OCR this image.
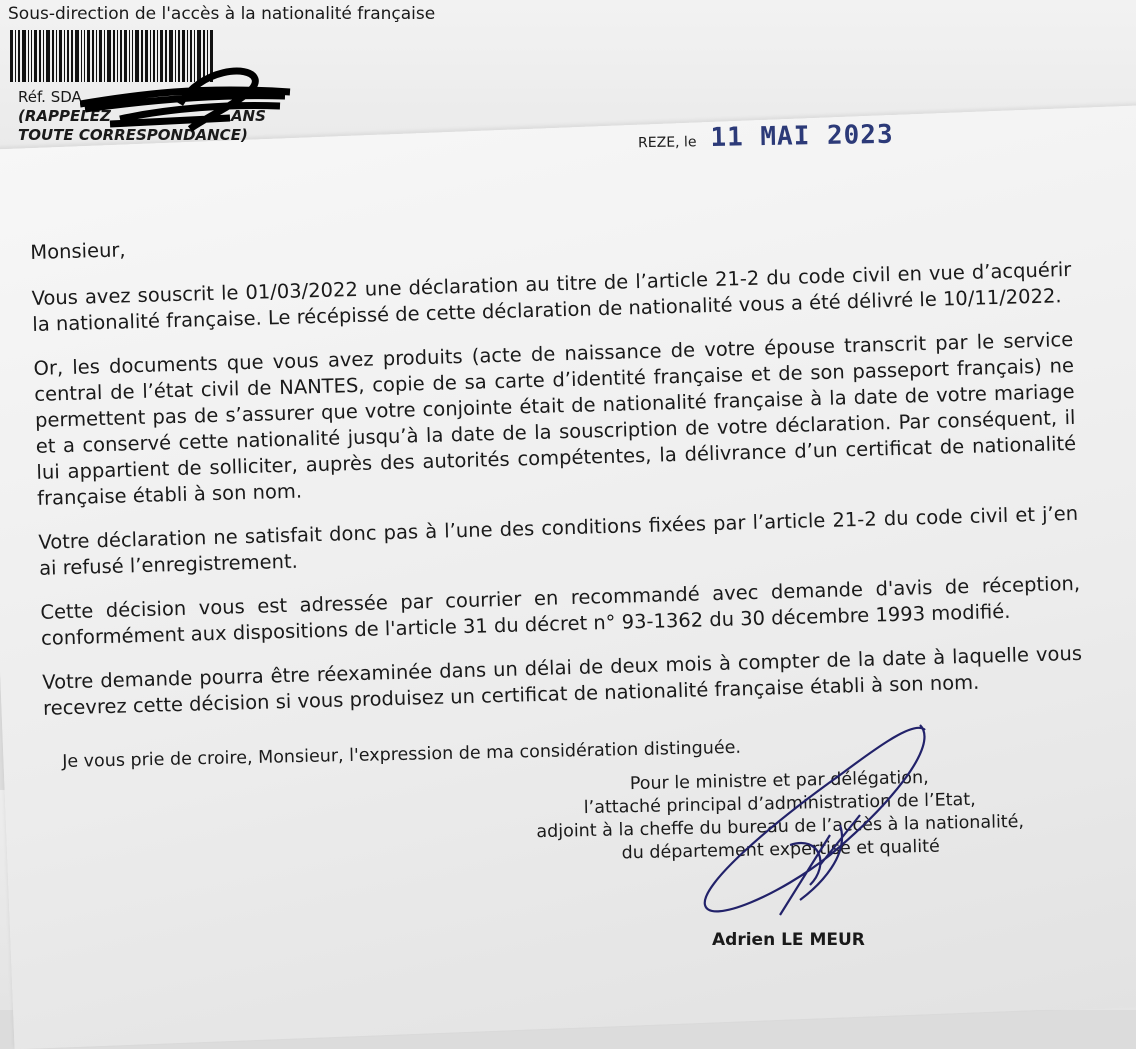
Sous-direction de l'accès à la nationalité française
Réf. SDA
(RAPPELEZ	ANS
TOUTE CORRESPONDANCE)	REZE, le 11 MAI 2023

Monsieur,

Vous avez souscrit le 01/03/2022 une déclaration au titre de l’article 21-2 du code civil en vue d’acquérir la nationalité française. Le récépissé de cette déclaration de nationalité vous a été délivré le 10/11/2022.

Or, les documents que vous avez produits (acte de naissance de votre épouse transcrit par le service central de l’état civil de NANTES, copie de sa carte d’identité française et de son passeport français) ne permettent pas de s’assurer que votre conjointe était de nationalité française à la date de votre mariage et a conservé cette nationalité jusqu’à la date de la souscription de votre déclaration. Par conséquent, il lui appartient de solliciter, auprès des autorités compétentes, la délivrance d’un certificat de nationalité française établi à son nom.

Votre déclaration ne satisfait donc pas à l’une des conditions fixées par l’article 21-2 du code civil et j’en ai refusé l’enregistrement.

Cette décision vous est adressée par courrier en recommandé avec demande d'avis de réception, conformément aux dispositions de l'article 31 du décret n° 93-1362 du 30 décembre 1993 modifié.

Votre demande pourra être réexaminée dans un délai de deux mois à compter de la date à laquelle vous recevrez cette décision si vous produisez un certificat de nationalité française établi à son nom.

Je vous prie de croire, Monsieur, l'expression de ma considération distinguée.
Pour le ministre et par délégation,
l’attaché principal d’administration de l’Etat,
adjoint à la cheffe du bureau de l’accès à la nationalité,
du département expertise et qualité
Adrien LE MEUR
